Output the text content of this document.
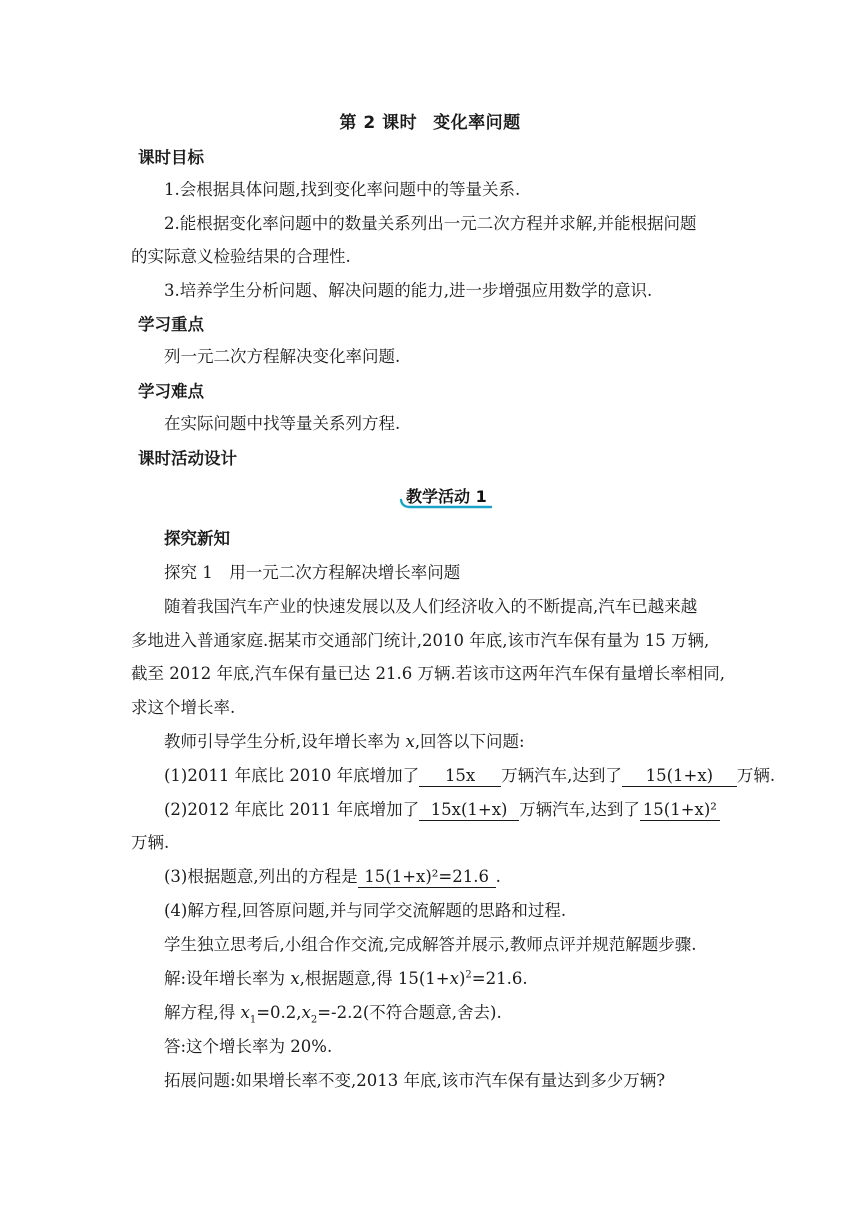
第 2 课时 变化率问题
课时目标
1.会根据具体问题,找到变化率问题中的等量关系.
2.能根据变化率问题中的数量关系列出一元二次方程并求解,并能根据问题
的实际意义检验结果的合理性.
3.培养学生分析问题、解决问题的能力,进一步增强应用数学的意识.
学习重点
列一元二次方程解决变化率问题.
学习难点
在实际问题中找等量关系列方程.
课时活动设计
教学活动 1
探究新知
探究 1　用一元二次方程解决增长率问题
随着我国汽车产业的快速发展以及人们经济收入的不断提高,汽车已越来越
多地进入普通家庭.据某市交通部门统计,2010 年底,该市汽车保有量为 15 万辆,
截至 2012 年底,汽车保有量已达 21.6 万辆.若该市这两年汽车保有量增长率相同,
求这个增长率.
教师引导学生分析,设年增长率为 x,回答以下问题:
(1)2011 年底比 2010 年底增加了 15x 万辆汽车,达到了 15(1+x) 万辆.
(2)2012 年底比 2011 年底增加了 15x(1+x) 万辆汽车,达到了 15(1+x)²
万辆.
(3)根据题意,列出的方程是 15(1+x)²=21.6 .
(4)解方程,回答原问题,并与同学交流解题的思路和过程.
学生独立思考后,小组合作交流,完成解答并展示,教师点评并规范解题步骤.
解:设年增长率为 x,根据题意,得 $15(1+x)^2=21.6$.
解方程,得 $x_1=0.2,x_2=-2.2$(不符合题意,舍去).
答:这个增长率为 20%.
拓展问题:如果增长率不变,2013 年底,该市汽车保有量达到多少万辆?
